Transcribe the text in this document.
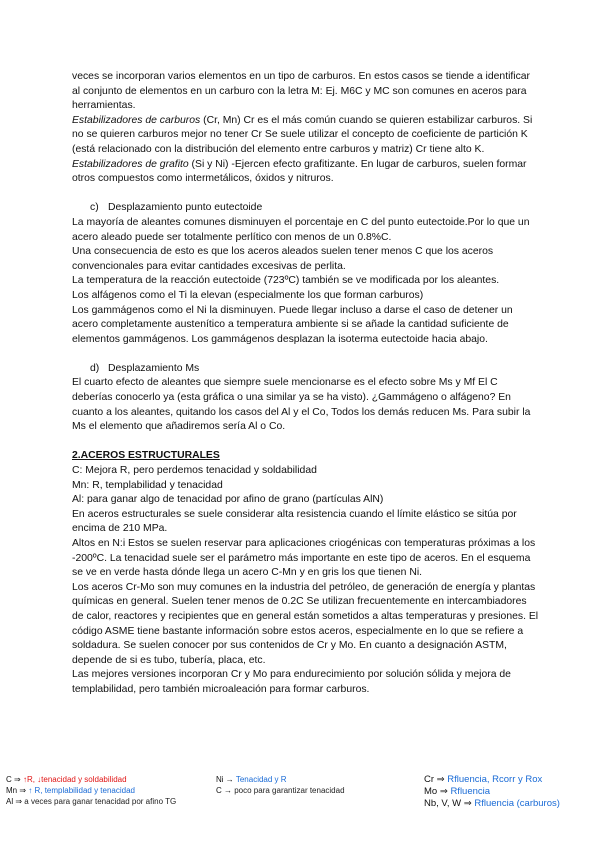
veces se incorporan varios elementos en un tipo de carburos. En estos casos se tiende a identificar al conjunto de elementos en un carburo con la letra M: Ej. M6C y MC son comunes en aceros para herramientas.

Estabilizadores de carburos (Cr, Mn) Cr es el más común cuando se quieren estabilizar carburos. Si no se quieren carburos mejor no tener Cr Se suele utilizar el concepto de coeficiente de partición K (está relacionado con la distribución del elemento entre carburos y matriz) Cr tiene alto K.

Estabilizadores de grafito (Si y Ni) -Ejercen efecto grafitizante. En lugar de carburos, suelen formar otros compuestos como intermetálicos, óxidos y nitruros.

c) Desplazamiento punto eutectoide

La mayoría de aleantes comunes disminuyen el porcentaje en C del punto eutectoide.Por lo que un acero aleado puede ser totalmente perlítico con menos de un 0.8%C.

Una consecuencia de esto es que los aceros aleados suelen tener menos C que los aceros convencionales para evitar cantidades excesivas de perlita.

La temperatura de la reacción eutectoide (723ºC) también se ve modificada por los aleantes.

Los alfágenos como el Ti la elevan (especialmente los que forman carburos)

Los gammágenos como el Ni la disminuyen. Puede llegar incluso a darse el caso de detener un acero completamente austenítico a temperatura ambiente si se añade la cantidad suficiente de elementos gammágenos. Los gammágenos desplazan la isoterma eutectoide hacia abajo.

d) Desplazamiento Ms

El cuarto efecto de aleantes que siempre suele mencionarse es el efecto sobre Ms y Mf El C deberías conocerlo ya (esta gráfica o una similar ya se ha visto). ¿Gammágeno o alfágeno? En cuanto a los aleantes, quitando los casos del Al y el Co, Todos los demás reducen Ms. Para subir la Ms el elemento que añadiremos sería Al o Co.

2.ACEROS ESTRUCTURALES

C: Mejora R, pero perdemos tenacidad y soldabilidad

Mn: R, templabilidad y tenacidad

Al: para ganar algo de tenacidad por afino de grano (partículas AlN)

En aceros estructurales se suele considerar alta resistencia cuando el límite elástico se sitúa por encima de 210 MPa.

Altos en N:i Estos se suelen reservar para aplicaciones criogénicas con temperaturas próximas a los -200ºC. La tenacidad suele ser el parámetro más importante en este tipo de aceros. En el esquema se ve en verde hasta dónde llega un acero C-Mn y en gris los que tienen Ni.

Los aceros Cr-Mo son muy comunes en la industria del petróleo, de generación de energía y plantas químicas en general. Suelen tener menos de 0.2C Se utilizan frecuentemente en intercambiadores de calor, reactores y recipientes que en general están sometidos a altas temperaturas y presiones. El código ASME tiene bastante información sobre estos aceros, especialmente en lo que se refiere a soldadura. Se suelen conocer por sus contenidos de Cr y Mo. En cuanto a designación ASTM, depende de si es tubo, tubería, placa, etc.

Las mejores versiones incorporan Cr y Mo para endurecimiento por solución sólida y mejora de templabilidad, pero también microaleación para formar carburos.

C ⇒ ↑R, ↓tenacidad y soldabilidad
Mn ⇒ ↑ R, templabilidad y tenacidad
Al ⇒ a veces para ganar tenacidad por afino TG
Ni → Tenacidad y R
C → poco para garantizar tenacidad
Cr ⇒ Rfluencia, Rcorr y Rox
Mo ⇒ Rfluencia
Nb, V, W ⇒ Rfluencia (carburos)
